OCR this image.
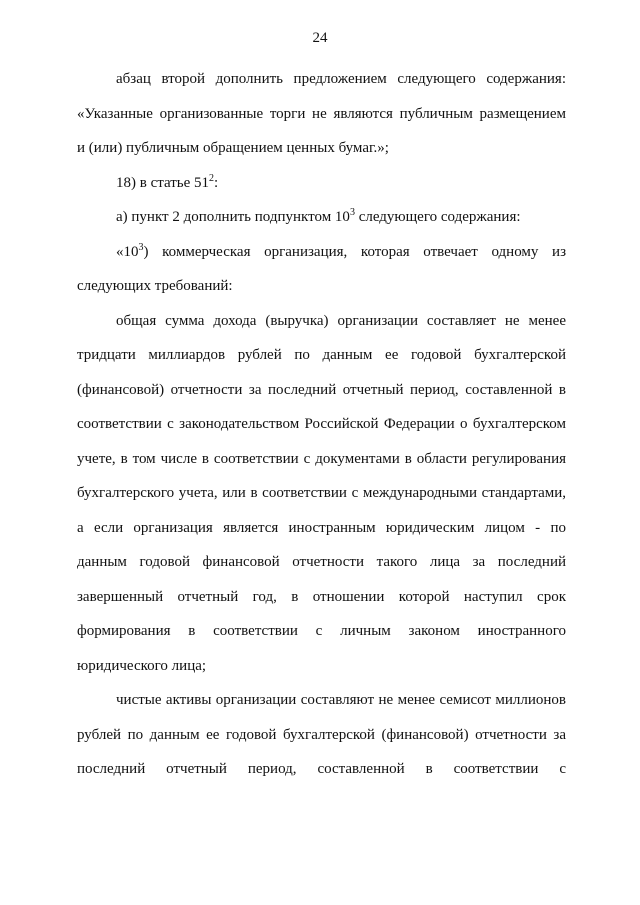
24
абзац второй дополнить предложением следующего содержания:
«Указанные организованные торги не являются публичным размещением
и (или) публичным обращением ценных бумаг.»;
18) в статье $51^2$:
а) пункт 2 дополнить подпунктом $10^3$ следующего содержания:
«$10^3$) коммерческая организация, которая отвечает одному из
следующих требований:
общая сумма дохода (выручка) организации составляет не менее
тридцати миллиардов рублей по данным ее годовой бухгалтерской
(финансовой) отчетности за последний отчетный период, составленной в
соответствии с законодательством Российской Федерации о бухгалтерском
учете, в том числе в соответствии с документами в области регулирования
бухгалтерского учета, или в соответствии с международными стандартами,
а если организация является иностранным юридическим лицом - по
данным годовой финансовой отчетности такого лица за последний
завершенный отчетный год, в отношении которой наступил срок
формирования в соответствии с личным законом иностранного
юридического лица;
чистые активы организации составляют не менее семисот миллионов
рублей по данным ее годовой бухгалтерской (финансовой) отчетности за
последний отчетный период, составленной в соответствии с
